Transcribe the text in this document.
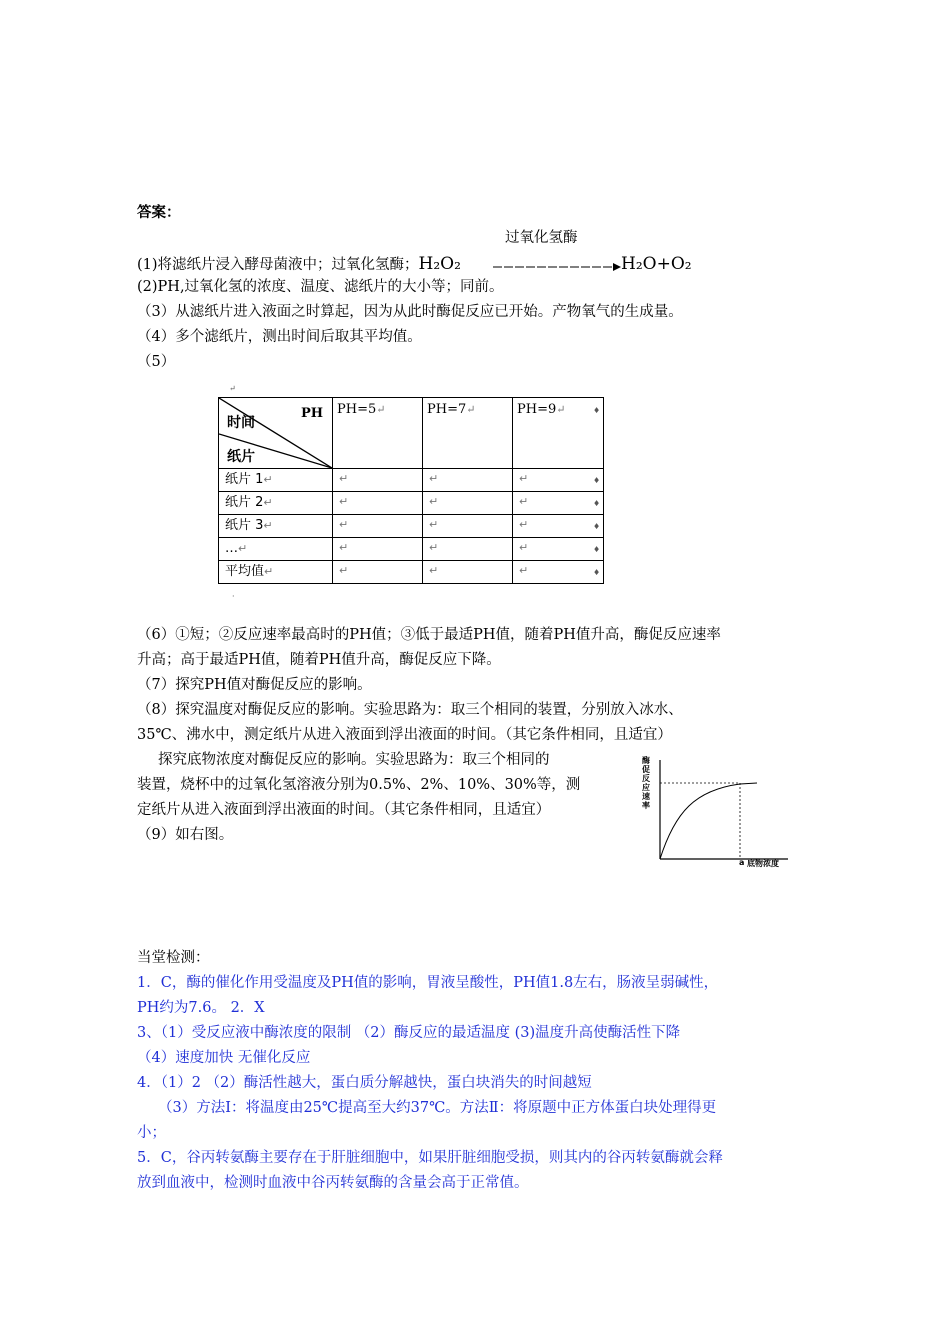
答案：
过氧化氢酶
(1)将滤纸片浸入酵母菌液中；过氧化氢酶；H₂O₂	H₂O+O₂
(2)PH,过氧化氢的浓度、温度、滤纸片的大小等；同前。
（3）从滤纸片进入液面之时算起，因为从此时酶促反应已开始。产物氧气的生成量。
（4）多个滤纸片，测出时间后取其平均值。
（5）
↵
·
时间
PH
纸片	PH=5↵	PH=7↵	PH=9↵
纸片 1↵	↵	↵	↵
纸片 2↵	↵	↵	↵
纸片 3↵	↵	↵	↵
…↵	↵	↵	↵
平均值↵	↵	↵	↵
♦
♦
♦
♦
♦
♦
（6）①短；②反应速率最高时的PH值；③低于最适PH值，随着PH值升高，酶促反应速率
升高；高于最适PH值，随着PH值升高，酶促反应下降。
（7）探究PH值对酶促反应的影响。
（8）探究温度对酶促反应的影响。实验思路为：取三个相同的装置，分别放入冰水、
35℃、沸水中，测定纸片从进入液面到浮出液面的时间。（其它条件相同，且适宜）
探究底物浓度对酶促反应的影响。实验思路为：取三个相同的
装置，烧杯中的过氧化氢溶液分别为0.5%、2%、10%、30%等，测
定纸片从进入液面到浮出液面的时间。（其它条件相同，且适宜）
（9）如右图。
酶促反应速率
a 底物浓度
当堂检测：
1．C，酶的催化作用受温度及PH值的影响，胃液呈酸性，PH值1.8左右，肠液呈弱碱性，
PH约为7.6。 2．X
3、（1）受反应液中酶浓度的限制 （2）酶反应的最适温度 (3)温度升高使酶活性下降
（4）速度加快 无催化反应
4．（1）2 （2）酶活性越大，蛋白质分解越快，蛋白块消失的时间越短
（3）方法Ⅰ：将温度由25℃提高至大约37℃。方法Ⅱ：将原题中正方体蛋白块处理得更
小；
5．C，谷丙转氨酶主要存在于肝脏细胞中，如果肝脏细胞受损，则其内的谷丙转氨酶就会释
放到血液中，检测时血液中谷丙转氨酶的含量会高于正常值。
